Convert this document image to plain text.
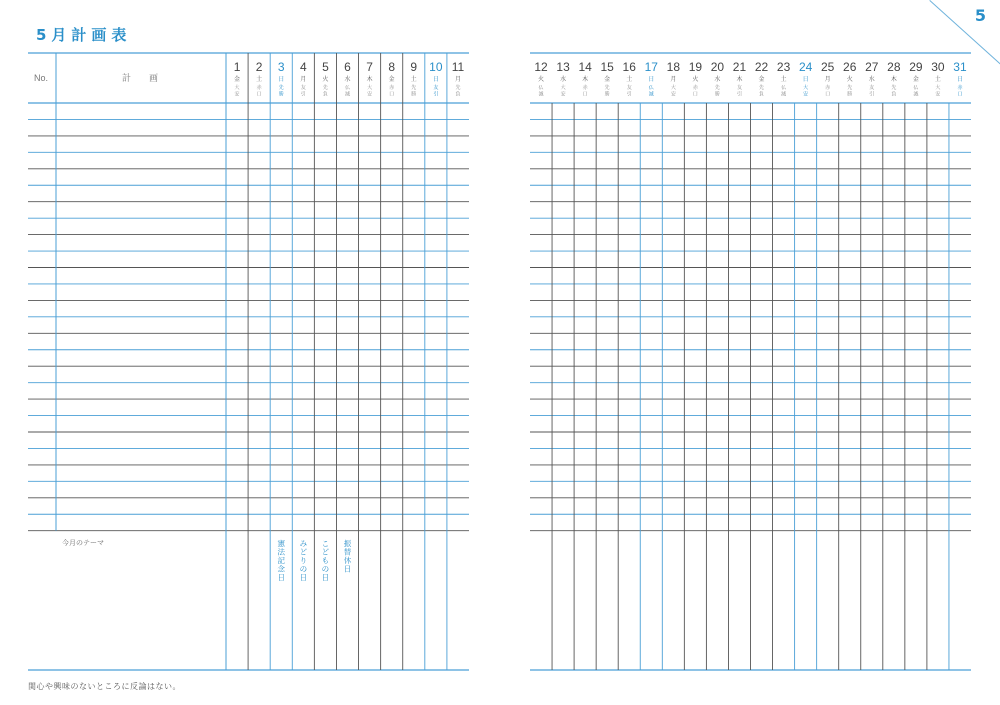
5月計画表
5
No.	計　　画
今月のテーマ
1
金
大
安
2
土
赤
口
3
日
先
勝
憲
法
記
念
日
4
月
友
引
み
ど
り
の
日
5
火
先
負
こ
ど
も
の
日
6
水
仏
滅
振
替
休
日
7
木
大
安
8
金
赤
口
9
土
先
勝
10
日
友
引
11
月
先
負
12
火
仏
滅
13
水
大
安
14
木
赤
口
15
金
先
勝
16
土
友
引
17
日
仏
滅
18
月
大
安
19
火
赤
口
20
水
先
勝
21
木
友
引
22
金
先
負
23
土
仏
滅
24
日
大
安
25
月
赤
口
26
火
先
勝
27
水
友
引
28
木
先
負
29
金
仏
滅
30
土
大
安
31
日
赤
口
関心や興味のないところに反論はない。
